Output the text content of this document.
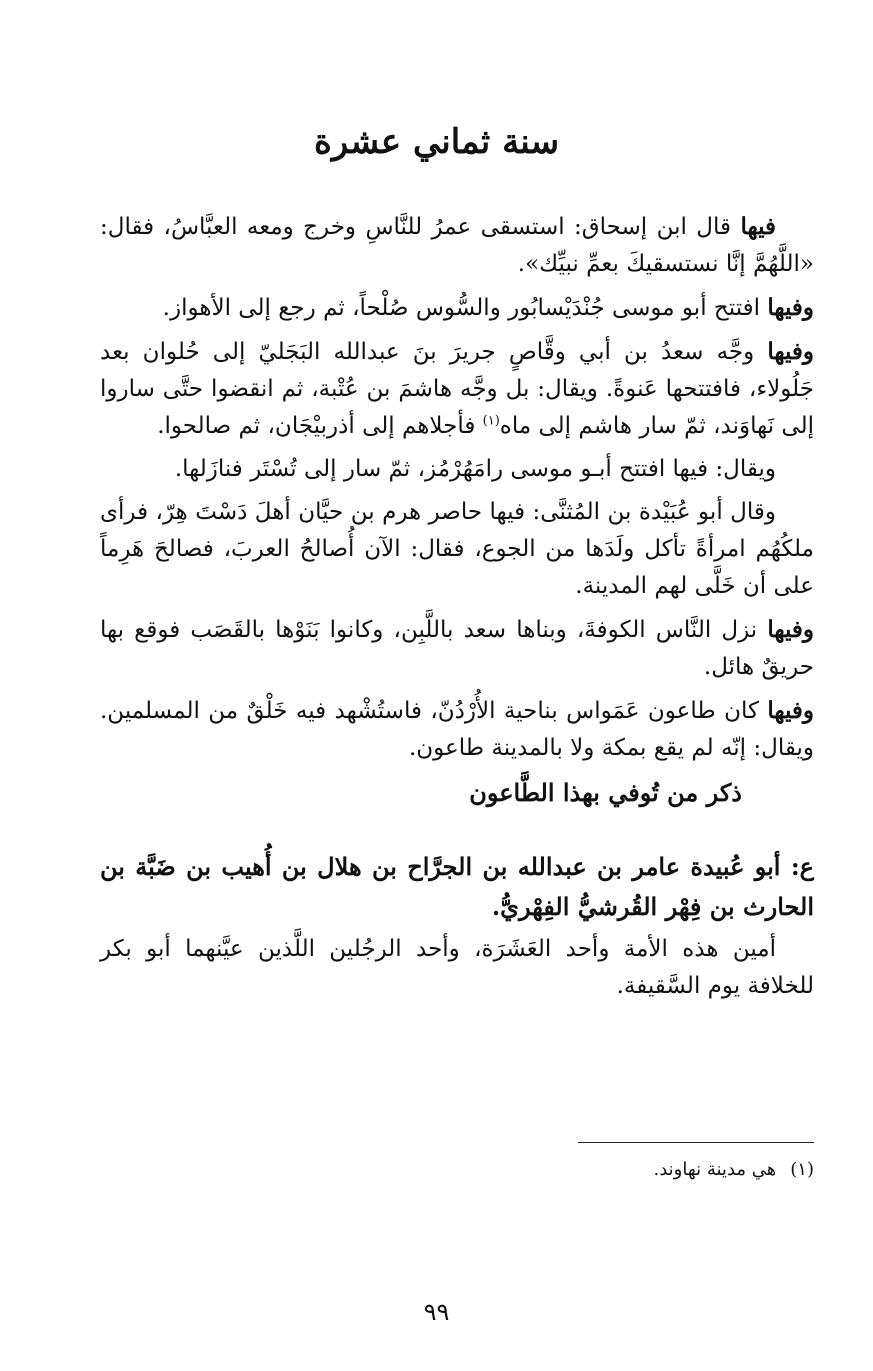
سنة ثماني عشرة

فيها قال ابن إسحاق: استسقى عمرُ للنَّاسِ وخرج ومعه العبَّاسُ، فقال: «اللَّهُمَّ إنَّا نستسقيكَ بعمِّ نبيِّك».

وفيها افتتح أبو موسى جُنْدَيْسابُور والسُّوس صُلْحاً، ثم رجع إلى الأهواز.

وفيها وجَّه سعدُ بن أبي وقَّاصٍ جريرَ بنَ عبدالله البَجَليّ إلى حُلوان بعد جَلُولاء، فافتتحها عَنوةً. ويقال: بل وجَّه هاشمَ بن عُتْبة، ثم انقضوا حتَّى ساروا إلى نَهاوَند، ثمّ سار هاشم إلى ماه$^{(١)}$ فأجلاهم إلى أذربيْجَان، ثم صالحوا.

ويقال: فيها افتتح أبـو موسى رامَهُرْمُز، ثمّ سار إلى تُسْتَر فنازَلها.

وقال أبو عُبَيْدة بن المُثنَّى: فيها حاصر هرم بن حيَّان أهلَ دَسْتَ هِرّ، فرأى ملكُهُم امرأةً تأكل ولَدَها من الجوع، فقال: الآن أُصالحُ العربَ، فصالحَ هَرِماً على أن خَلَّى لهم المدينة.

وفيها نزل النَّاس الكوفةَ، وبناها سعد باللَّبِن، وكانوا بَنَوْها بالقَصَب فوقع بها حريقٌ هائل.

وفيها كان طاعون عَمَواس بناحية الأُرْدُنّ، فاستُشْهد فيه خَلْقٌ من المسلمين. ويقال: إنّه لم يقع بمكة ولا بالمدينة طاعون.

ذكر من تُوفي بهذا الطَّاعون

ع: أبو عُبيدة عامر بن عبدالله بن الجرَّاح بن هلال بن أُهيب بن ضَبَّة بن الحارث بن فِهْر القُرشيُّ الفِهْريُّ.

أمين هذه الأمة وأحد العَشَرَة، وأحد الرجُلين اللَّذين عيَّنهما أبو بكر للخلافة يوم السَّقيفة.

(١)هي مدينة نهاوند.
٩٩
